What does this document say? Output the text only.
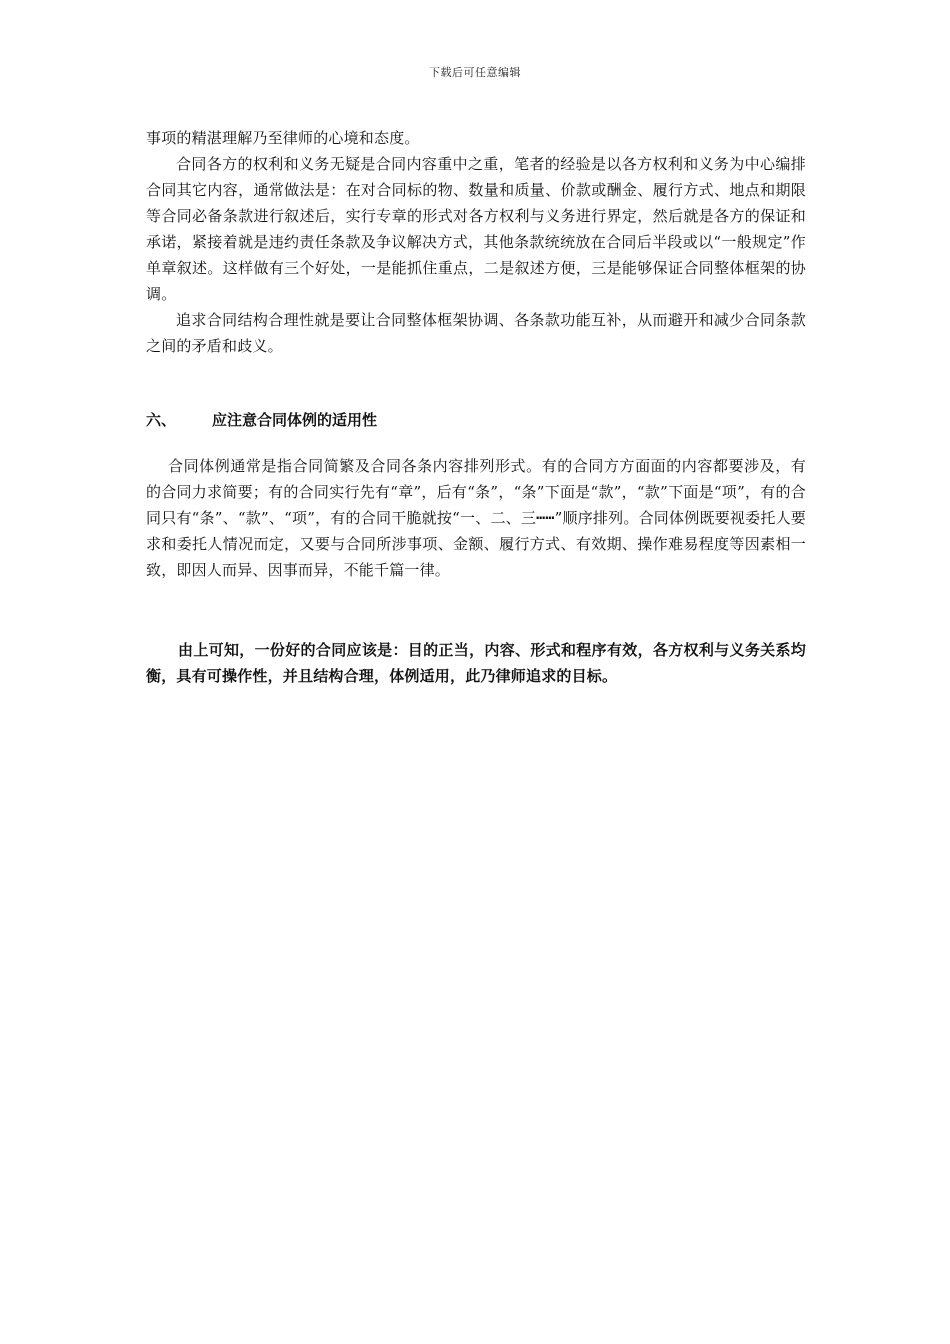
下载后可任意编辑

事项的精湛理解乃至律师的心境和态度。

合同各方的权利和义务无疑是合同内容重中之重，笔者的经验是以各方权利和义务为中心编排合同其它内容，通常做法是：在对合同标的物、数量和质量、价款或酬金、履行方式、地点和期限等合同必备条款进行叙述后，实行专章的形式对各方权利与义务进行界定，然后就是各方的保证和承诺，紧接着就是违约责任条款及争议解决方式，其他条款统统放在合同后半段或以“一般规定”作单章叙述。这样做有三个好处，一是能抓住重点，二是叙述方便，三是能够保证合同整体框架的协调。

追求合同结构合理性就是要让合同整体框架协调、各条款功能互补，从而避开和减少合同条款之间的矛盾和歧义。

六、	应注意合同体例的适用性

合同体例通常是指合同简繁及合同各条内容排列形式。有的合同方方面面的内容都要涉及，有的合同力求简要；有的合同实行先有“章”，后有“条”，“条”下面是“款”，“款”下面是“项”，有的合同只有“条”、“款”、“项”，有的合同干脆就按“一、二、三┅┅”顺序排列。合同体例既要视委托人要求和委托人情况而定，又要与合同所涉事项、金额、履行方式、有效期、操作难易程度等因素相一致，即因人而异、因事而异，不能千篇一律。

由上可知，一份好的合同应该是：目的正当，内容、形式和程序有效，各方权利与义务关系均衡，具有可操作性，并且结构合理，体例适用，此乃律师追求的目标。
